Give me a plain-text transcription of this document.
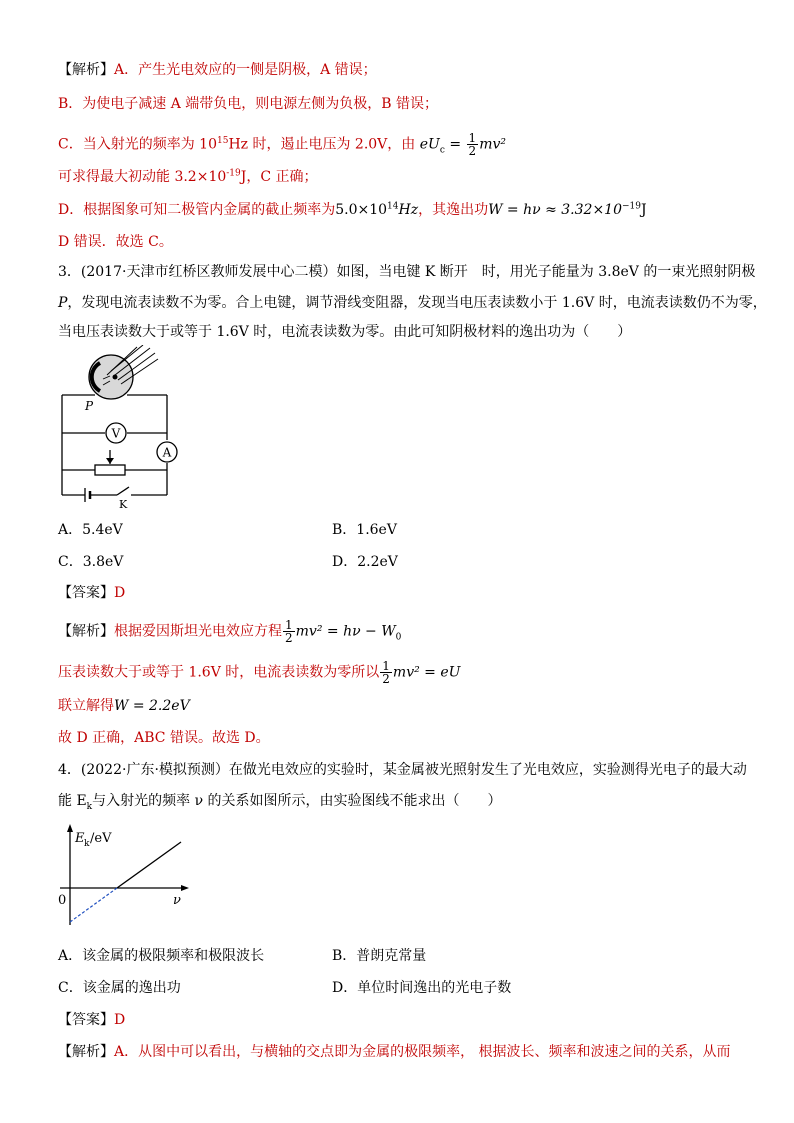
【解析】A．产生光电效应的一侧是阴极，A 错误；
B．为使电子减速 A 端带负电，则电源左侧为负极，B 错误；
C．当入射光的频率为 $10^{15}Hz$ 时，遏止电压为 2.0V，由 $eU_c = \frac{1}{2} mv^2$
可求得最大初动能 $3.2\times 10^{-19}J$，C 正确；
D．根据图象可知二极管内金属的截止频率为$5.0\times 10^{14}Hz$，其逸出功$W = h\nu \approx 3.32\times 10^{-19}J$
D 错误．故选 C。
3．(2017·天津市红桥区教师发展中心二模）如图，当电键 K 断开　时，用光子能量为 3.8eV 的一束光照射阴极
P，发现电流表读数不为零。合上电键，调节滑线变阻器，发现当电压表读数小于 1.6V 时，电流表读数仍不为零，
当电压表读数大于或等于 1.6V 时，电流表读数为零。由此可知阴极材料的逸出功为（　　）
V
A
P
K
A．5.4eV	B．1.6eV
C．3.8eV	D．2.2eV
【答案】D
【解析】根据爱因斯坦光电效应方程 $\frac{1}{2} mv^2 = h\nu - W_0$
压表读数大于或等于 1.6V 时，电流表读数为零所以 $\frac{1}{2} mv^2$ = eU
联立解得W = 2.2eV
故 D 正确，ABC 错误。故选 D。
4．(2022·广东·模拟预测）在做光电效应的实验时，某金属被光照射发生了光电效应，实验测得光电子的最大动
能 $E_k$与入射光的频率 ν 的关系如图所示，由实验图线不能求出（　　）
E k /eV
ν
0
A．该金属的极限频率和极限波长	B．普朗克常量
C．该金属的逸出功	D．单位时间逸出的光电子数
【答案】D
【解析】A．从图中可以看出，与横轴的交点即为金属的极限频率， 根据波长、频率和波速之间的关系，从而
